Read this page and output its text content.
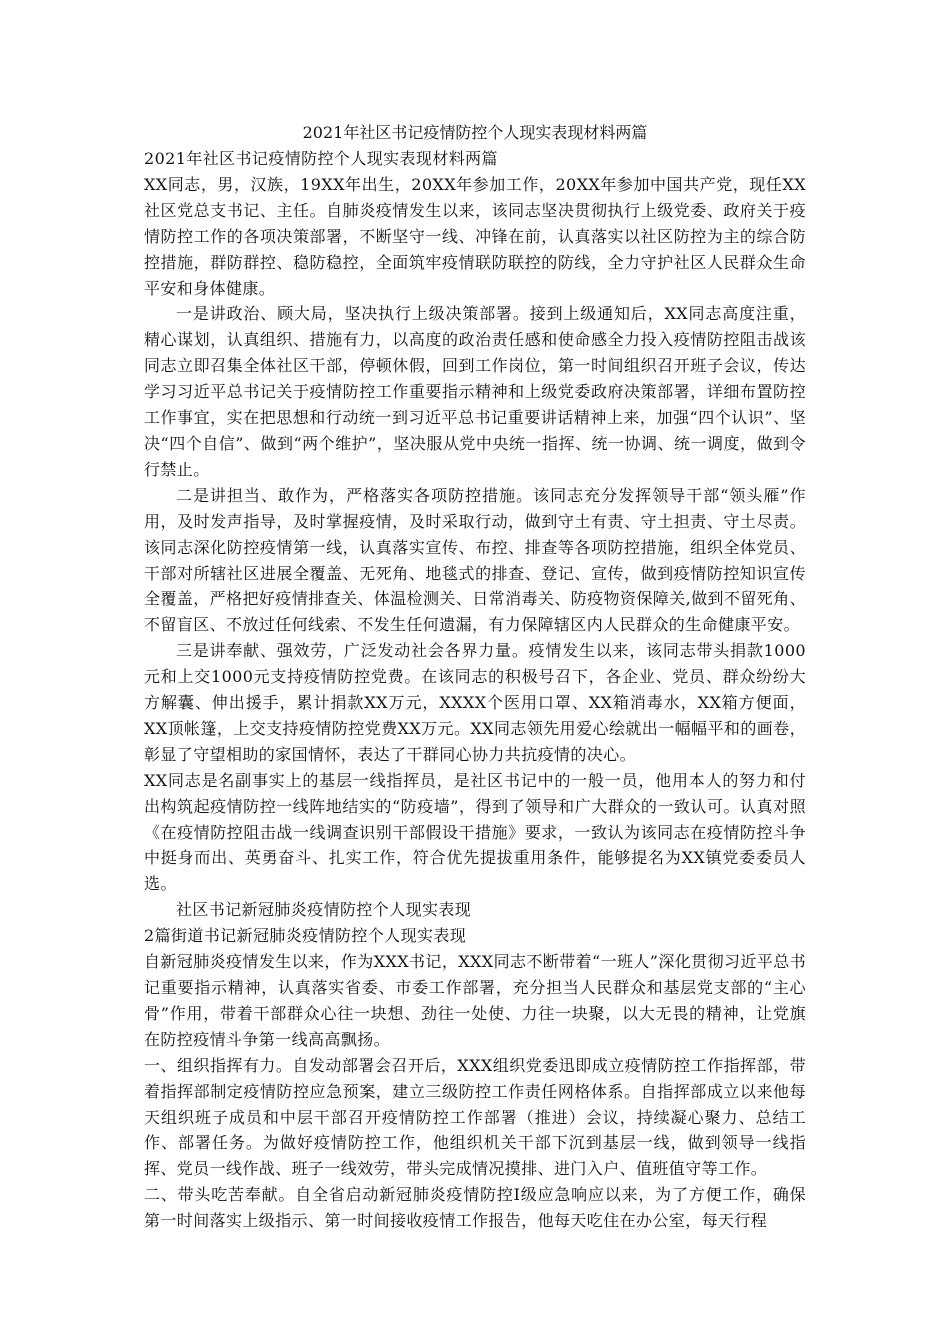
2021年社区书记疫情防控个人现实表现材料两篇

2021年社区书记疫情防控个人现实表现材料两篇

XX同志，男，汉族，19XX年出生，20XX年参加工作，20XX年参加中国共产党，现任XX社区党总支书记、主任。自肺炎疫情发生以来，该同志坚决贯彻执行上级党委、政府关于疫情防控工作的各项决策部署，不断坚守一线、冲锋在前，认真落实以社区防控为主的综合防控措施，群防群控、稳防稳控，全面筑牢疫情联防联控的防线，全力守护社区人民群众生命平安和身体健康。

一是讲政治、顾大局，坚决执行上级决策部署。接到上级通知后，XX同志高度注重，精心谋划，认真组织、措施有力，以高度的政治责任感和使命感全力投入疫情防控阻击战该同志立即召集全体社区干部，停顿休假，回到工作岗位，第一时间组织召开班子会议，传达学习习近平总书记关于疫情防控工作重要指示精神和上级党委政府决策部署，详细布置防控工作事宜，实在把思想和行动统一到习近平总书记重要讲话精神上来，加强“四个认识”、坚决“四个自信”、做到“两个维护”，坚决服从党中央统一指挥、统一协调、统一调度，做到令行禁止。

二是讲担当、敢作为，严格落实各项防控措施。该同志充分发挥领导干部“领头雁”作用，及时发声指导，及时掌握疫情，及时采取行动，做到守土有责、守土担责、守土尽责。该同志深化防控疫情第一线，认真落实宣传、布控、排查等各项防控措施，组织全体党员、干部对所辖社区进展全覆盖、无死角、地毯式的排查、登记、宣传，做到疫情防控知识宣传全覆盖，严格把好疫情排查关、体温检测关、日常消毒关、防疫物资保障关,做到不留死角、不留盲区、不放过任何线索、不发生任何遗漏，有力保障辖区内人民群众的生命健康平安。

三是讲奉献、强效劳，广泛发动社会各界力量。疫情发生以来，该同志带头捐款1000元和上交1000元支持疫情防控党费。在该同志的积极号召下，各企业、党员、群众纷纷大方解囊、伸出援手，累计捐款XX万元，XXXX个医用口罩、XX箱消毒水，XX箱方便面，XX顶帐篷，上交支持疫情防控党费XX万元。XX同志领先用爱心绘就出一幅幅平和的画卷，彰显了守望相助的家国情怀，表达了干群同心协力共抗疫情的决心。

XX同志是名副事实上的基层一线指挥员，是社区书记中的一般一员，他用本人的努力和付出构筑起疫情防控一线阵地结实的“防疫墙”，得到了领导和广大群众的一致认可。认真对照《在疫情防控阻击战一线调查识别干部假设干措施》要求，一致认为该同志在疫情防控斗争中挺身而出、英勇奋斗、扎实工作，符合优先提拔重用条件，能够提名为XX镇党委委员人选。

社区书记新冠肺炎疫情防控个人现实表现

2篇街道书记新冠肺炎疫情防控个人现实表现

自新冠肺炎疫情发生以来，作为XXX书记，XXX同志不断带着“一班人”深化贯彻习近平总书记重要指示精神，认真落实省委、市委工作部署，充分担当人民群众和基层党支部的“主心骨”作用，带着干部群众心往一块想、劲往一处使、力往一块聚，以大无畏的精神，让党旗在防控疫情斗争第一线高高飘扬。

一、组织指挥有力。自发动部署会召开后，XXX组织党委迅即成立疫情防控工作指挥部，带着指挥部制定疫情防控应急预案，建立三级防控工作责任网格体系。自指挥部成立以来他每天组织班子成员和中层干部召开疫情防控工作部署（推进）会议，持续凝心聚力、总结工作、部署任务。为做好疫情防控工作，他组织机关干部下沉到基层一线，做到领导一线指挥、党员一线作战、班子一线效劳，带头完成情况摸排、进门入户、值班值守等工作。

二、带头吃苦奉献。自全省启动新冠肺炎疫情防控Ⅰ级应急响应以来，为了方便工作，确保第一时间落实上级指示、第一时间接收疫情工作报告，他每天吃住在办公室，每天行程
